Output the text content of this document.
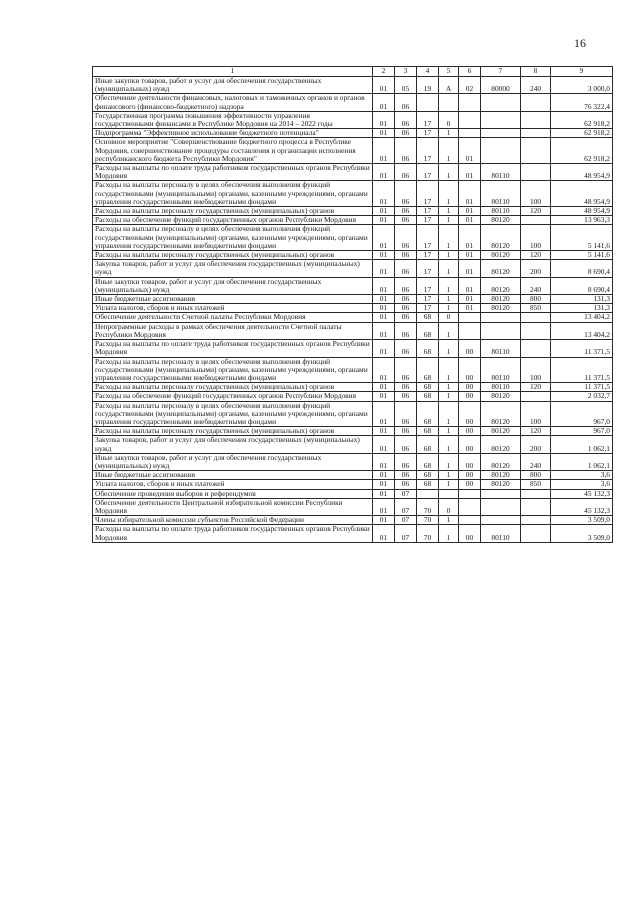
16
1	2	3	4	5	6	7	8	9
Иные закупки товаров, работ и услуг для обеспечения государственных (муниципальных) нужд	01	05	19	А	02	80000	240	3 000,0
Обеспечение деятельности финансовых, налоговых и таможенных органов и органов финансового (финансово-бюджетного) надзора	01	06						76 322,4
Государственная программа повышения эффективности управления государственными финансами в Республике Мордовия на 2014 – 2022 годы	01	06	17	0				62 918,2
Подпрограмма "Эффективное использование бюджетного потенциала"	01	06	17	1				62 918,2
Основное мероприятие "Совершенствование бюджетного процесса в Республике Мордовия, совершенствование процедуры составления и организации исполнения республиканского бюджета Республики Мордовия"	01	06	17	1	01			62 918,2
Расходы на выплаты по оплате труда работников государственных органов Республики Мордовия	01	06	17	1	01	80110		48 954,9
Расходы на выплаты персоналу в целях обеспечения выполнения функций государственными (муниципальными) органами, казенными учреждениями, органами управления государственными внебюджетными фондами	01	06	17	1	01	80110	100	48 954,9
Расходы на выплаты персоналу государственных (муниципальных) органов	01	06	17	1	01	80110	120	48 954,9
Расходы на обеспечение функций государственных органов Республики Мордовия	01	06	17	1	01	80120		13 963,3
Расходы на выплаты персоналу в целях обеспечения выполнения функций государственными (муниципальными) органами, казенными учреждениями, органами управления государственными внебюджетными фондами	01	06	17	1	01	80120	100	5 141,6
Расходы на выплаты персоналу государственных (муниципальных) органов	01	06	17	1	01	80120	120	5 141,6
Закупка товаров, работ и услуг для обеспечения государственных (муниципальных) нужд	01	06	17	1	01	80120	200	8 690,4
Иные закупки товаров, работ и услуг для обеспечения государственных (муниципальных) нужд	01	06	17	1	01	80120	240	8 690,4
Иные бюджетные ассигнования	01	06	17	1	01	80120	800	131,3
Уплата налогов, сборов и иных платежей	01	06	17	1	01	80120	850	131,3
Обеспечение деятельности Счетной палаты Республики Мордовия	01	06	68	0				13 404,2
Непрограммные расходы в рамках обеспечения деятельности Счетной палаты Республики Мордовия	01	06	68	1				13 404,2
Расходы на выплаты по оплате труда работников государственных органов Республики Мордовия	01	06	68	1	00	80110		11 371,5
Расходы на выплаты персоналу в целях обеспечения выполнения функций государственными (муниципальными) органами, казенными учреждениями, органами управления государственными внебюджетными фондами	01	06	68	1	00	80110	100	11 371,5
Расходы на выплаты персоналу государственных (муниципальных) органов	01	06	68	1	00	80110	120	11 371,5
Расходы на обеспечение функций государственных органов Республики Мордовия	01	06	68	1	00	80120		2 032,7
Расходы на выплаты персоналу в целях обеспечения выполнения функций государственными (муниципальными) органами, казенными учреждениями, органами управления государственными внебюджетными фондами	01	06	68	1	00	80120	100	967,0
Расходы на выплаты персоналу государственных (муниципальных) органов	01	06	68	1	00	80120	120	967,0
Закупка товаров, работ и услуг для обеспечения государственных (муниципальных) нужд	01	06	68	1	00	80120	200	1 062,1
Иные закупки товаров, работ и услуг для обеспечения государственных (муниципальных) нужд	01	06	68	1	00	80120	240	1 062,1
Иные бюджетные ассигнования	01	06	68	1	00	80120	800	3,6
Уплата налогов, сборов и иных платежей	01	06	68	1	00	80120	850	3,6
Обеспечение проведения выборов и референдумов	01	07						45 132,3
Обеспечение деятельности Центральной избирательной комиссии Республики Мордовия	01	07	70	0				45 132,3
Члены избирательной комиссии субъектов Российской Федерации	01	07	70	1				3 509,0
Расходы на выплаты по оплате труда работников государственных органов Республики Мордовия	01	07	70	1	00	80110		3 509,0
